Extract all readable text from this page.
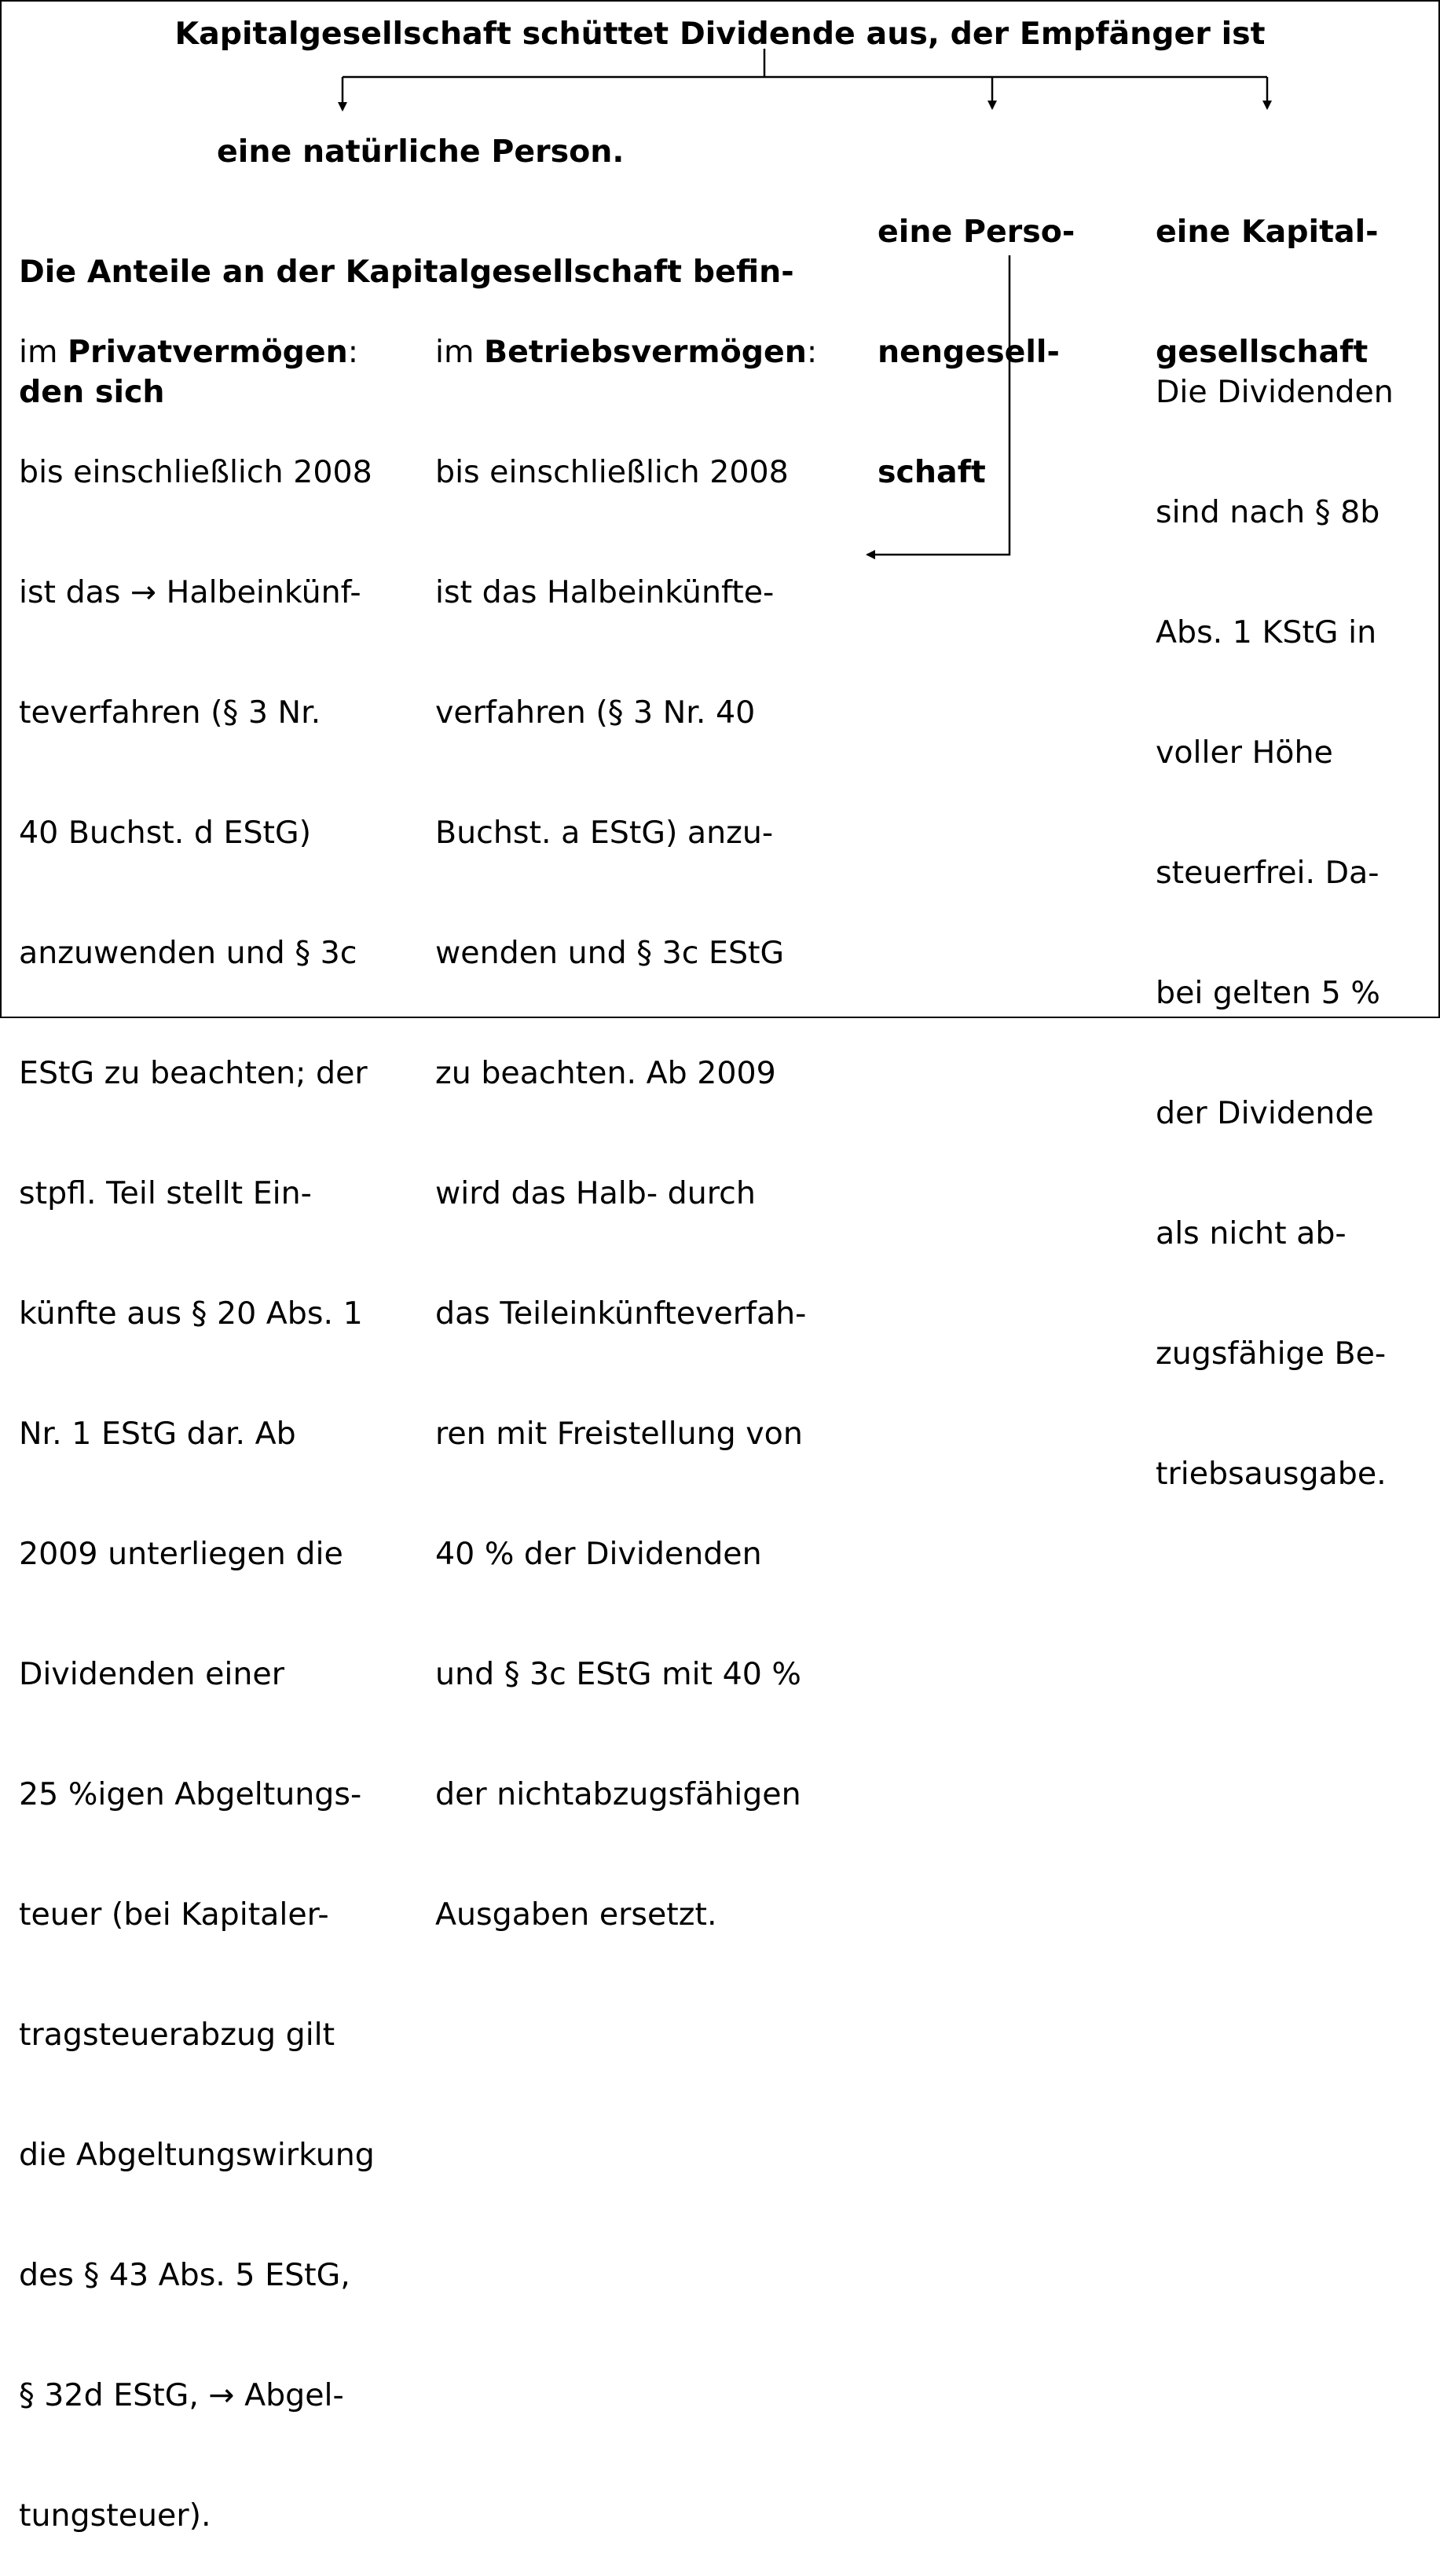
Kapitalgesellschaft schüttet Dividende aus, der Empfänger ist
eine natürliche Person.

Die Anteile an der Kapitalgesellschaft befin-

den sich

im Privatvermögen:

bis einschließlich 2008

ist das → Halbeinkünf-

teverfahren (§ 3 Nr.

40 Buchst. d EStG)

anzuwenden und § 3c

EStG zu beachten; der

stpfl. Teil stellt Ein-

künfte aus § 20 Abs. 1

Nr. 1 EStG dar. Ab

2009 unterliegen die

Dividenden einer

25 %igen Abgeltungs-

teuer (bei Kapitaler-

tragsteuerabzug gilt

die Abgeltungswirkung

des § 43 Abs. 5 EStG,

§ 32d EStG, → Abgel-

tungsteuer).

im Betriebsvermögen:

bis einschließlich 2008

ist das Halbeinkünfte-

verfahren (§ 3 Nr. 40

Buchst. a EStG) anzu-

wenden und § 3c EStG

zu beachten. Ab 2009

wird das Halb- durch

das Teileinkünfteverfah-

ren mit Freistellung von

40 % der Dividenden

und § 3c EStG mit 40 %

der nichtabzugsfähigen

Ausgaben ersetzt.

eine Perso-

nengesell-

schaft

eine Kapital-

gesellschaft

Die Dividenden

sind nach § 8b

Abs. 1 KStG in

voller Höhe

steuerfrei. Da-

bei gelten 5 %

der Dividende

als nicht ab-

zugsfähige Be-

triebsausgabe.
